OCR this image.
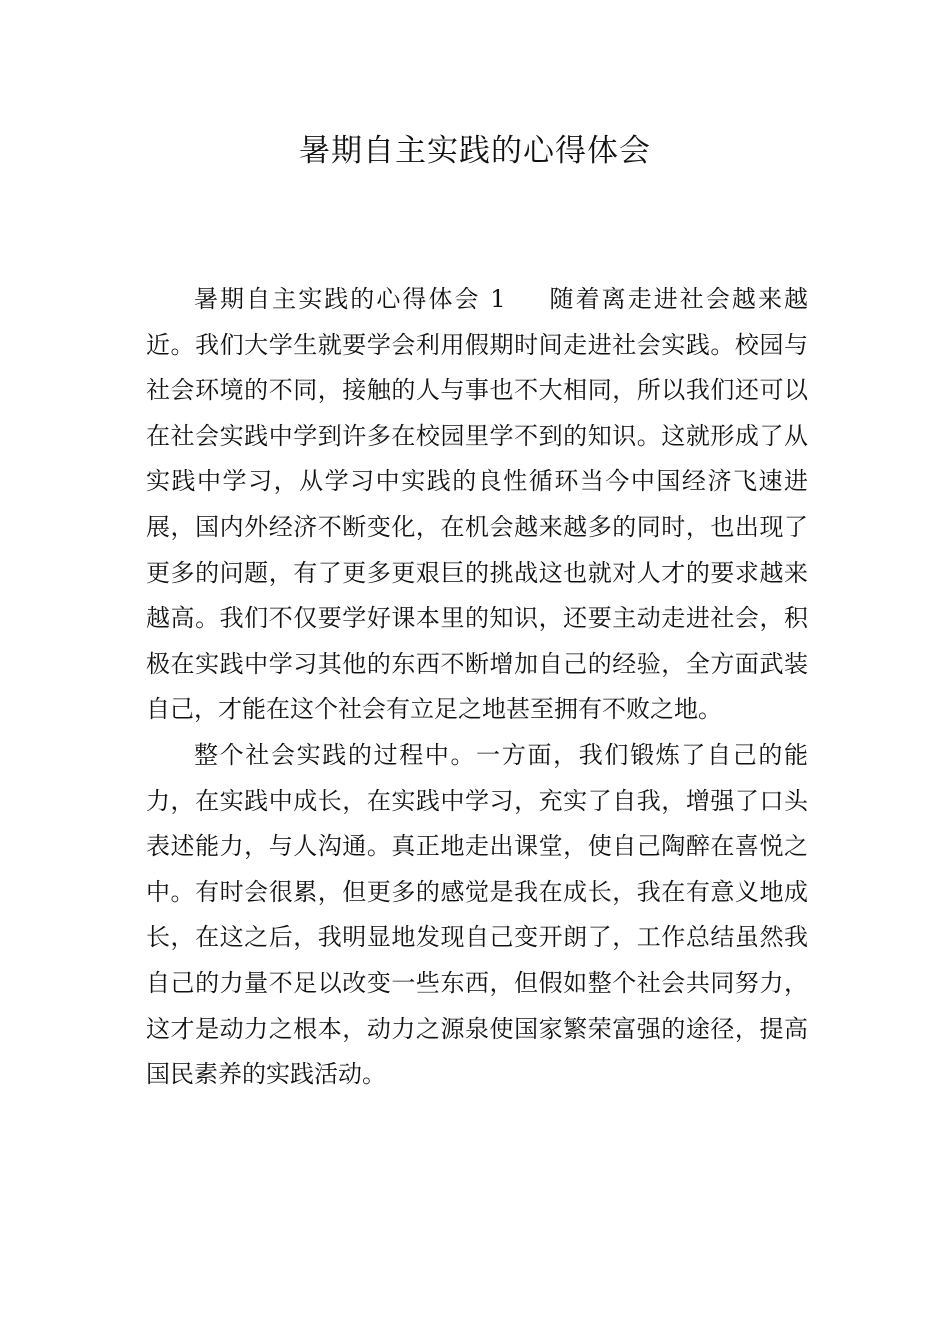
暑期自主实践的心得体会

暑期自主实践的心得体会 1 随着离走进社会越来越近。我们大学生就要学会利用假期时间走进社会实践。校园与社会环境的不同，接触的人与事也不大相同，所以我们还可以在社会实践中学到许多在校园里学不到的知识。这就形成了从实践中学习，从学习中实践的良性循环当今中国经济飞速进展，国内外经济不断变化，在机会越来越多的同时，也出现了更多的问题，有了更多更艰巨的挑战这也就对人才的要求越来越高。我们不仅要学好课本里的知识，还要主动走进社会，积极在实践中学习其他的东西不断增加自己的经验，全方面武装自己，才能在这个社会有立足之地甚至拥有不败之地。

整个社会实践的过程中。一方面，我们锻炼了自己的能力，在实践中成长，在实践中学习，充实了自我，增强了口头表述能力，与人沟通。真正地走出课堂，使自己陶醉在喜悦之中。有时会很累，但更多的感觉是我在成长，我在有意义地成长，在这之后，我明显地发现自己变开朗了，工作总结虽然我自己的力量不足以改变一些东西，但假如整个社会共同努力，这才是动力之根本，动力之源泉使国家繁荣富强的途径，提高国民素养的实践活动。
